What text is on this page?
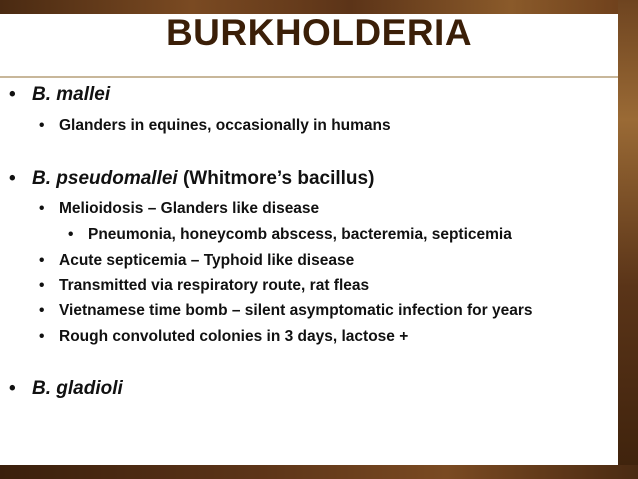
• B. mallei
• Glanders in equines, occasionally in humans
• B. pseudomallei (Whitmore’s bacillus)
• Melioidosis – Glanders like disease
• Pneumonia, honeycomb abscess, bacteremia, septicemia
• Acute septicemia – Typhoid like disease
• Transmitted via respiratory route, rat fleas
• Vietnamese time bomb – silent asymptomatic infection for years
• Rough convoluted colonies in 3 days, lactose +
• B. gladioli
BURKHOLDERIA
